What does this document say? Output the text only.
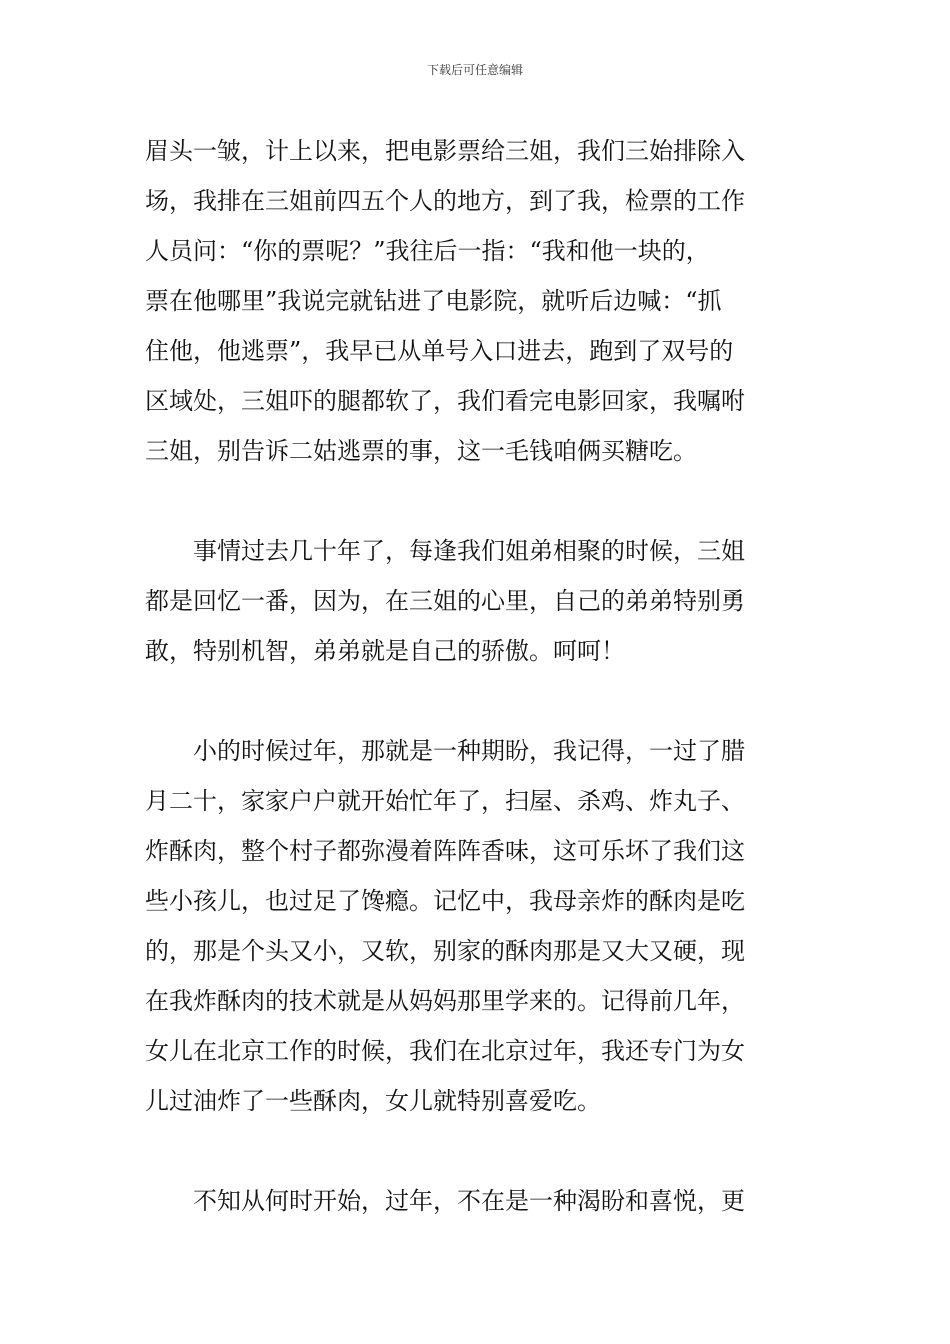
下载后可任意编辑
眉头一皱，计上以来，把电影票给三姐，我们三始排除入
场，我排在三姐前四五个人的地方，到了我，检票的工作
人员问：“你的票呢？”我往后一指：“我和他一块的，
票在他哪里”我说完就钻进了电影院，就听后边喊：“抓
住他，他逃票”，我早已从单号入口进去，跑到了双号的
区域处，三姐吓的腿都软了，我们看完电影回家，我嘱咐
三姐，别告诉二姑逃票的事，这一毛钱咱俩买糖吃。
　　事情过去几十年了，每逢我们姐弟相聚的时候，三姐
都是回忆一番，因为，在三姐的心里，自己的弟弟特别勇
敢，特别机智，弟弟就是自己的骄傲。呵呵！
　　小的时候过年，那就是一种期盼，我记得，一过了腊
月二十，家家户户就开始忙年了，扫屋、杀鸡、炸丸子、
炸酥肉，整个村子都弥漫着阵阵香味，这可乐坏了我们这
些小孩儿，也过足了馋瘾。记忆中，我母亲炸的酥肉是吃
的，那是个头又小，又软，别家的酥肉那是又大又硬，现
在我炸酥肉的技术就是从妈妈那里学来的。记得前几年，
女儿在北京工作的时候，我们在北京过年，我还专门为女
儿过油炸了一些酥肉，女儿就特别喜爱吃。
　　不知从何时开始，过年，不在是一种渴盼和喜悦，更
